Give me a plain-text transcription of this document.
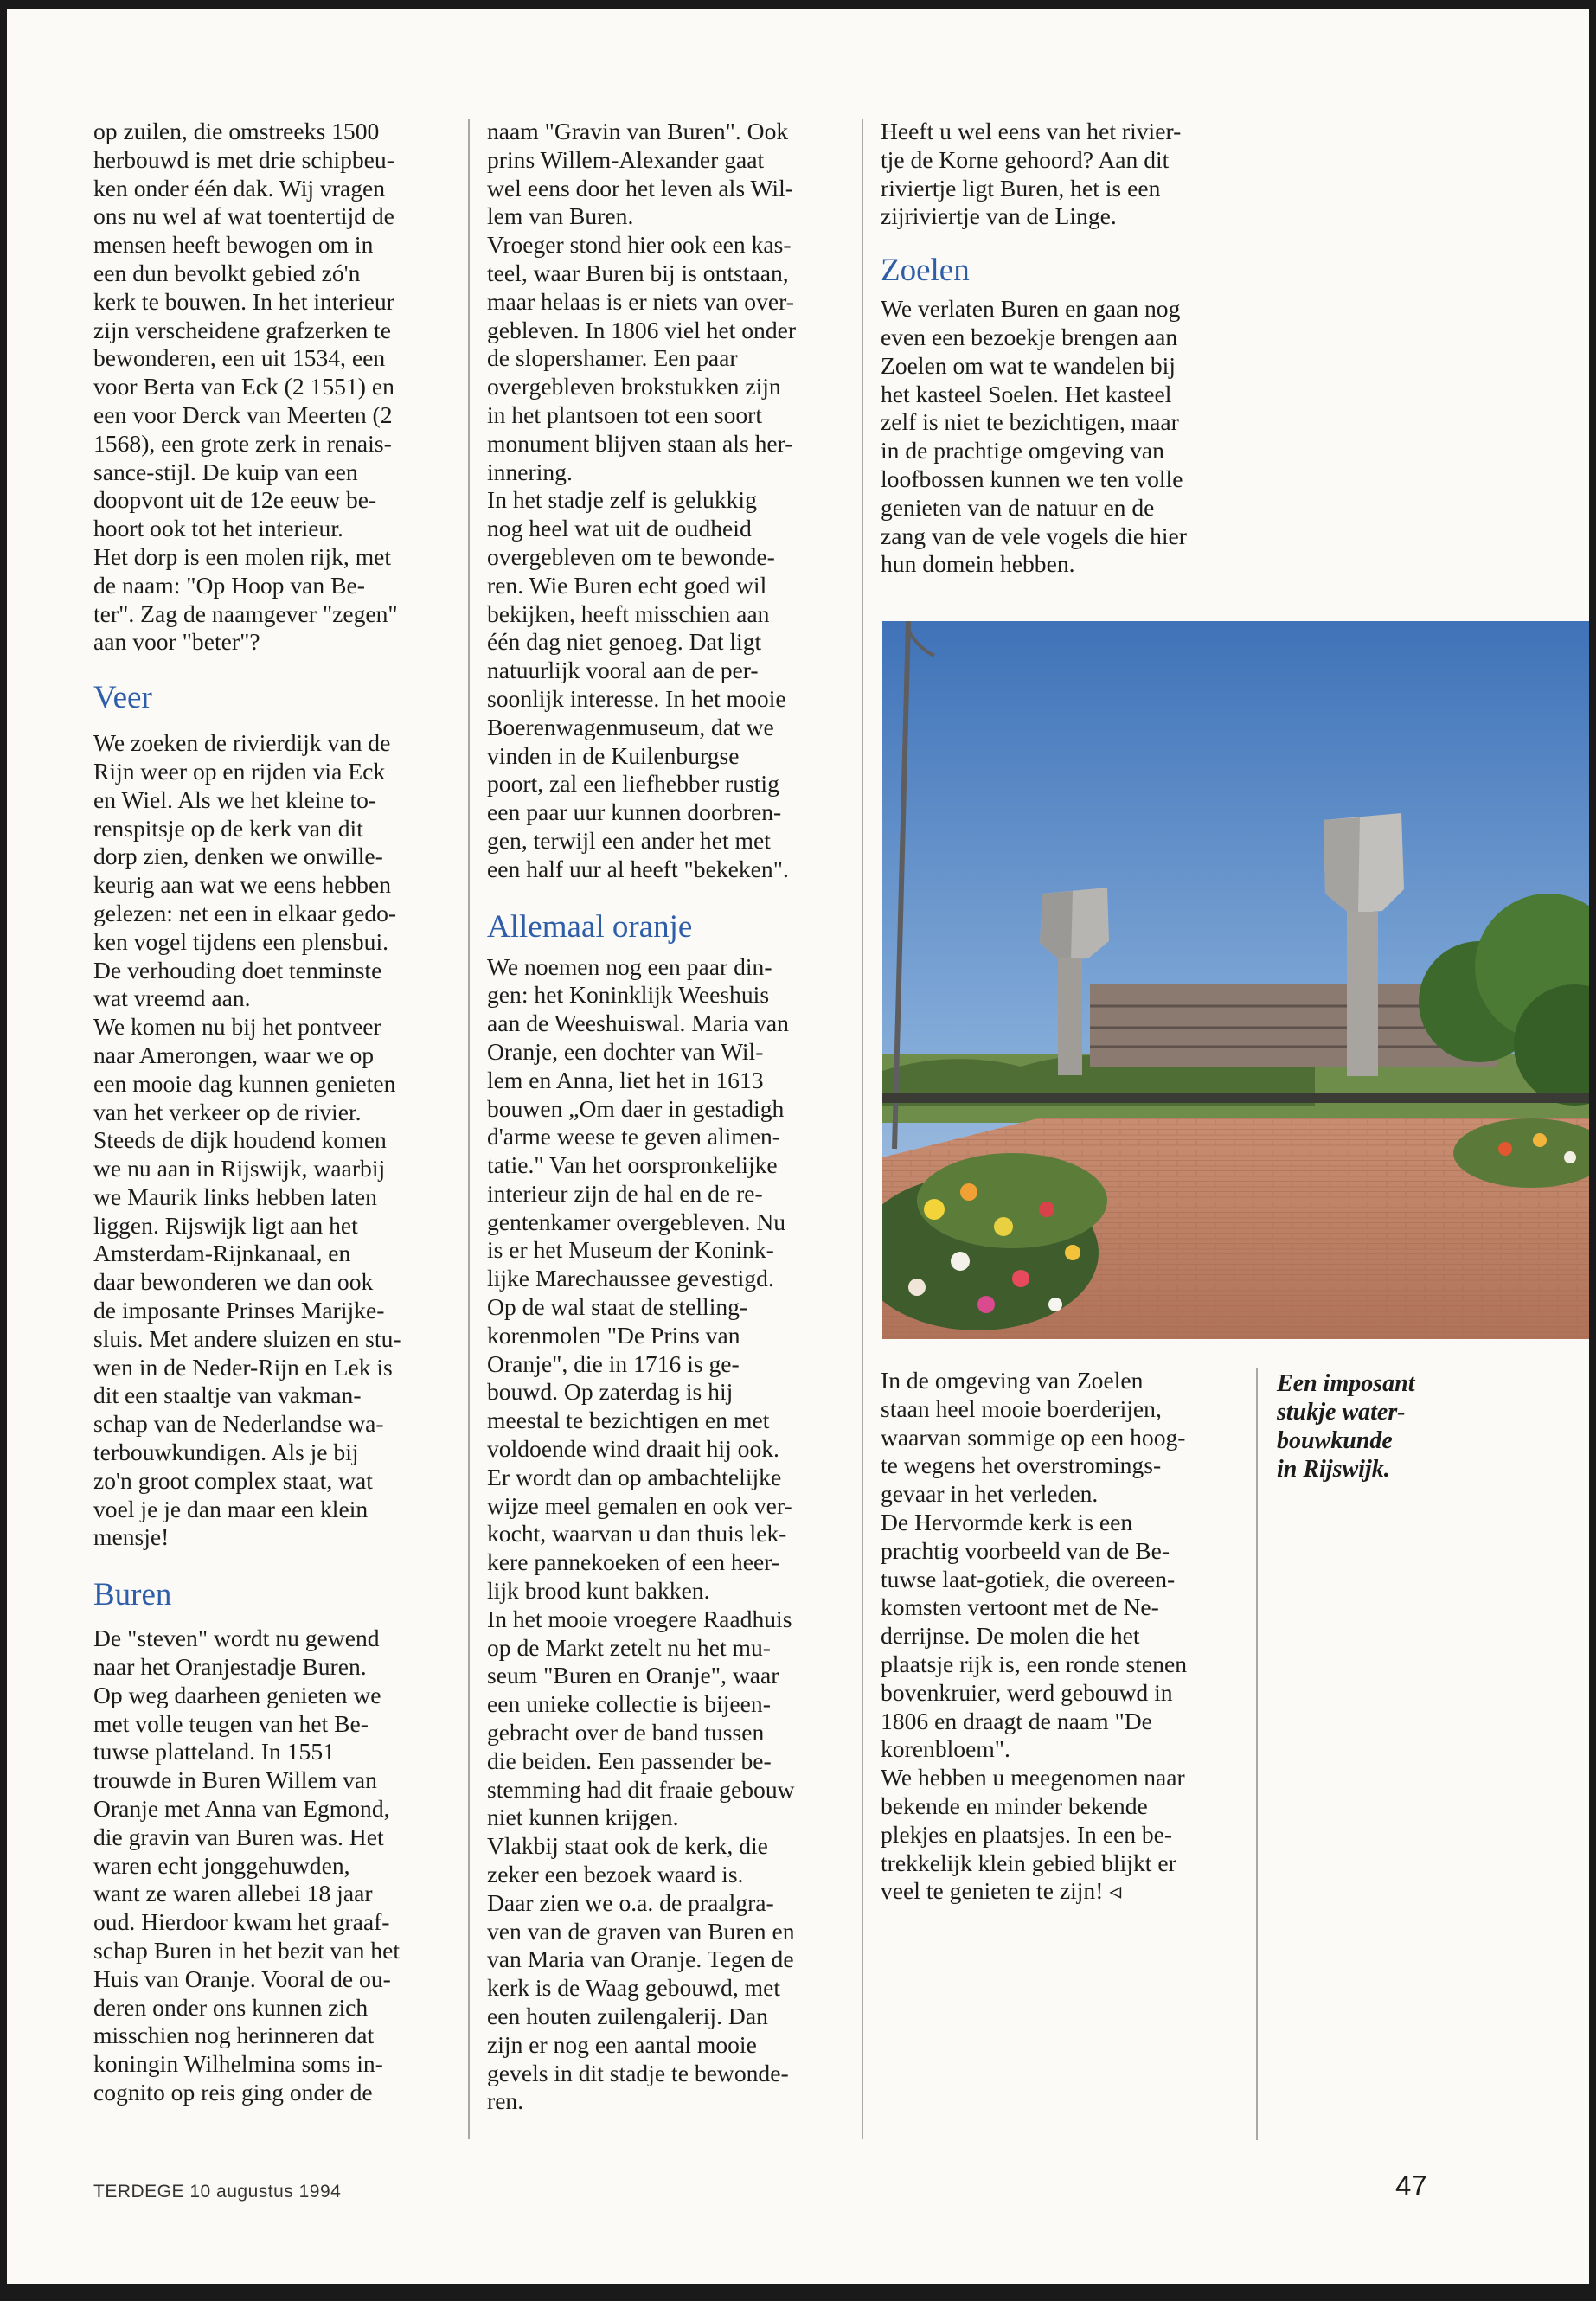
op zuilen, die omstreeks 1500
herbouwd is met drie schipbeu-
ken onder één dak. Wij vragen
ons nu wel af wat toentertijd de
mensen heeft bewogen om in
een dun bevolkt gebied zó'n
kerk te bouwen. In het interieur
zijn verscheidene grafzerken te
bewonderen, een uit 1534, een
voor Berta van Eck (2 1551) en
een voor Derck van Meerten (2
1568), een grote zerk in renais-
sance-stijl. De kuip van een
doopvont uit de 12e eeuw be-
hoort ook tot het interieur.
Het dorp is een molen rijk, met
de naam: "Op Hoop van Be-
ter". Zag de naamgever "zegen"
aan voor "beter"?
Veer
We zoeken de rivierdijk van de
Rijn weer op en rijden via Eck
en Wiel. Als we het kleine to-
renspitsje op de kerk van dit
dorp zien, denken we onwille-
keurig aan wat we eens hebben
gelezen: net een in elkaar gedo-
ken vogel tijdens een plensbui.
De verhouding doet tenminste
wat vreemd aan.
We komen nu bij het pontveer
naar Amerongen, waar we op
een mooie dag kunnen genieten
van het verkeer op de rivier.
Steeds de dijk houdend komen
we nu aan in Rijswijk, waarbij
we Maurik links hebben laten
liggen. Rijswijk ligt aan het
Amsterdam-Rijnkanaal, en
daar bewonderen we dan ook
de imposante Prinses Marijke-
sluis. Met andere sluizen en stu-
wen in de Neder-Rijn en Lek is
dit een staaltje van vakman-
schap van de Nederlandse wa-
terbouwkundigen. Als je bij
zo'n groot complex staat, wat
voel je je dan maar een klein
mensje!
Buren
De "steven" wordt nu gewend
naar het Oranjestadje Buren.
Op weg daarheen genieten we
met volle teugen van het Be-
tuwse platteland. In 1551
trouwde in Buren Willem van
Oranje met Anna van Egmond,
die gravin van Buren was. Het
waren echt jonggehuwden,
want ze waren allebei 18 jaar
oud. Hierdoor kwam het graaf-
schap Buren in het bezit van het
Huis van Oranje. Vooral de ou-
deren onder ons kunnen zich
misschien nog herinneren dat
koningin Wilhelmina soms in-
cognito op reis ging onder de
naam "Gravin van Buren". Ook
prins Willem-Alexander gaat
wel eens door het leven als Wil-
lem van Buren.
Vroeger stond hier ook een kas-
teel, waar Buren bij is ontstaan,
maar helaas is er niets van over-
gebleven. In 1806 viel het onder
de slopershamer. Een paar
overgebleven brokstukken zijn
in het plantsoen tot een soort
monument blijven staan als her-
innering.
In het stadje zelf is gelukkig
nog heel wat uit de oudheid
overgebleven om te bewonde-
ren. Wie Buren echt goed wil
bekijken, heeft misschien aan
één dag niet genoeg. Dat ligt
natuurlijk vooral aan de per-
soonlijk interesse. In het mooie
Boerenwagenmuseum, dat we
vinden in de Kuilenburgse
poort, zal een liefhebber rustig
een paar uur kunnen doorbren-
gen, terwijl een ander het met
een half uur al heeft "bekeken".
Allemaal oranje
We noemen nog een paar din-
gen: het Koninklijk Weeshuis
aan de Weeshuiswal. Maria van
Oranje, een dochter van Wil-
lem en Anna, liet het in 1613
bouwen „Om daer in gestadigh
d'arme weese te geven alimen-
tatie." Van het oorspronkelijke
interieur zijn de hal en de re-
gentenkamer overgebleven. Nu
is er het Museum der Konink-
lijke Marechaussee gevestigd.
Op de wal staat de stelling-
korenmolen "De Prins van
Oranje", die in 1716 is ge-
bouwd. Op zaterdag is hij
meestal te bezichtigen en met
voldoende wind draait hij ook.
Er wordt dan op ambachtelijke
wijze meel gemalen en ook ver-
kocht, waarvan u dan thuis lek-
kere pannekoeken of een heer-
lijk brood kunt bakken.
In het mooie vroegere Raadhuis
op de Markt zetelt nu het mu-
seum "Buren en Oranje", waar
een unieke collectie is bijeen-
gebracht over de band tussen
die beiden. Een passender be-
stemming had dit fraaie gebouw
niet kunnen krijgen.
Vlakbij staat ook de kerk, die
zeker een bezoek waard is.
Daar zien we o.a. de praalgra-
ven van de graven van Buren en
van Maria van Oranje. Tegen de
kerk is de Waag gebouwd, met
een houten zuilengalerij. Dan
zijn er nog een aantal mooie
gevels in dit stadje te bewonde-
ren.
Heeft u wel eens van het rivier-
tje de Korne gehoord? Aan dit
riviertje ligt Buren, het is een
zijriviertje van de Linge.
Zoelen
We verlaten Buren en gaan nog
even een bezoekje brengen aan
Zoelen om wat te wandelen bij
het kasteel Soelen. Het kasteel
zelf is niet te bezichtigen, maar
in de prachtige omgeving van
loofbossen kunnen we ten volle
genieten van de natuur en de
zang van de vele vogels die hier
hun domein hebben.
In de omgeving van Zoelen
staan heel mooie boerderijen,
waarvan sommige op een hoog-
te wegens het overstromings-
gevaar in het verleden.
De Hervormde kerk is een
prachtig voorbeeld van de Be-
tuwse laat-gotiek, die overeen-
komsten vertoont met de Ne-
derrijnse. De molen die het
plaatsje rijk is, een ronde stenen
bovenkruier, werd gebouwd in
1806 en draagt de naam "De
korenbloem".
We hebben u meegenomen naar
bekende en minder bekende
plekjes en plaatsjes. In een be-
trekkelijk klein gebied blijkt er
veel te genieten te zijn! ◃
Een imposant
stukje water-
bouwkunde
in Rijswijk.
TERDEGE 10 augustus 1994	47
